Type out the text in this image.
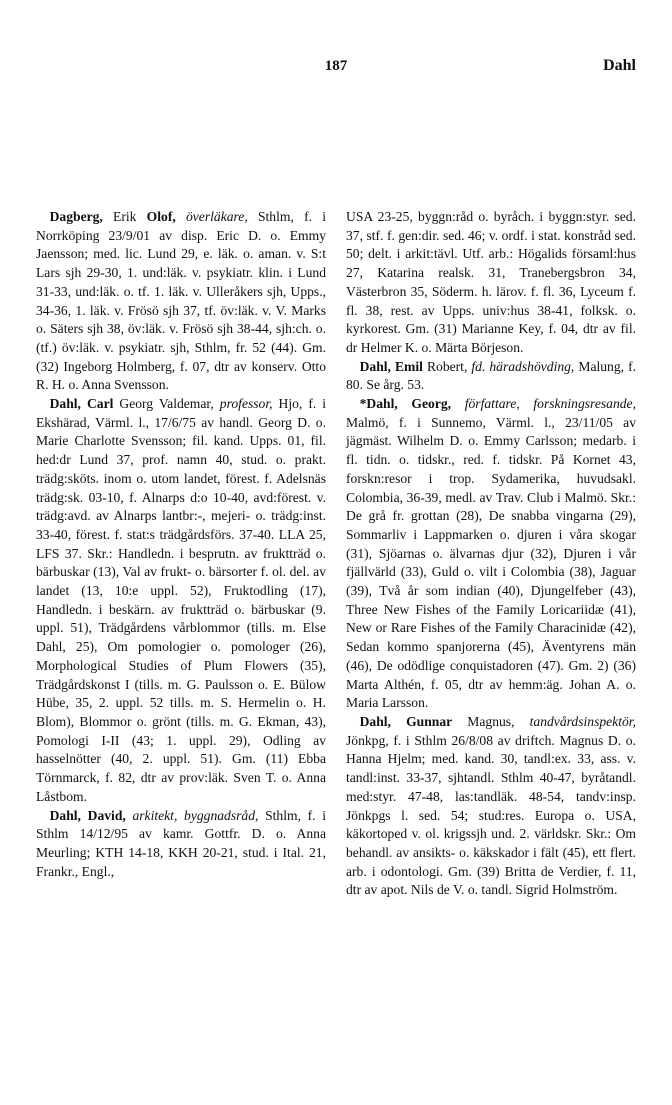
187	Dahl

Dagberg, Erik Olof, överläkare, Sthlm, f. i Norrköping 23/9/01 av disp. Eric D. o. Emmy Jaensson; med. lic. Lund 29, e. läk. o. aman. v. S:t Lars sjh 29-30, 1. und:läk. v. psykiatr. klin. i Lund 31-33, und:läk. o. tf. 1. läk. v. Ulleråkers sjh, Upps., 34-36, 1. läk. v. Frösö sjh 37, tf. öv:läk. v. V. Marks o. Säters sjh 38, öv:läk. v. Frösö sjh 38-44, sjh:ch. o. (tf.) öv:läk. v. psykiatr. sjh, Sthlm, fr. 52 (44). Gm. (32) Ingeborg Holmberg, f. 07, dtr av konserv. Otto R. H. o. Anna Svensson.

Dahl, Carl Georg Valdemar, professor, Hjo, f. i Ekshärad, Värml. l., 17/6/75 av handl. Georg D. o. Marie Charlotte Svensson; fil. kand. Upps. 01, fil. hed:dr Lund 37, prof. namn 40, stud. o. prakt. trädg:sköts. inom o. utom landet, förest. f. Adelsnäs trädg:sk. 03-10, f. Alnarps d:o 10-40, avd:förest. v. trädg:avd. av Alnarps lantbr:-, mejeri- o. trädg:inst. 33-40, förest. f. stat:s trädgårdsförs. 37-40. LLA 25, LFS 37. Skr.: Handledn. i besprutn. av fruktträd o. bärbuskar (13), Val av frukt- o. bärsorter f. ol. del. av landet (13, 10:e uppl. 52), Fruktodling (17), Handledn. i beskärn. av fruktträd o. bärbuskar (9. uppl. 51), Trädgårdens vårblommor (tills. m. Else Dahl, 25), Om pomologier o. pomologer (26), Morphological Studies of Plum Flowers (35), Trädgårdskonst I (tills. m. G. Paulsson o. E. Bülow Hübe, 35, 2. uppl. 52 tills. m. S. Hermelin o. H. Blom), Blommor o. grönt (tills. m. G. Ekman, 43), Pomologi I-II (43; 1. uppl. 29), Odling av hasselnötter (40, 2. uppl. 51). Gm. (11) Ebba Törnmarck, f. 82, dtr av prov:läk. Sven T. o. Anna Låstbom.

Dahl, David, arkitekt, byggnadsråd, Sthlm, f. i Sthlm 14/12/95 av kamr. Gottfr. D. o. Anna Meurling; KTH 14-18, KKH 20-21, stud. i Ital. 21, Frankr., Engl.,

USA 23-25, byggn:råd o. byråch. i byggn:styr. sed. 37, stf. f. gen:dir. sed. 46; v. ordf. i stat. konstråd sed. 50; delt. i arkit:tävl. Utf. arb.: Högalids församl:hus 27, Katarina realsk. 31, Tranebergsbron 34, Västerbron 35, Söderm. h. lärov. f. fl. 36, Lyceum f. fl. 38, rest. av Upps. univ:hus 38-41, folksk. o. kyrkorest. Gm. (31) Marianne Key, f. 04, dtr av fil. dr Helmer K. o. Märta Börjeson.

Dahl, Emil Robert, fd. häradshövding, Malung, f. 80. Se årg. 53.

*Dahl, Georg, författare, forskningsresande, Malmö, f. i Sunnemo, Värml. l., 23/11/05 av jägmäst. Wilhelm D. o. Emmy Carlsson; medarb. i fl. tidn. o. tidskr., red. f. tidskr. På Kornet 43, forskn:resor i trop. Sydamerika, huvudsakl. Colombia, 36-39, medl. av Trav. Club i Malmö. Skr.: De grå fr. grottan (28), De snabba vingarna (29), Sommarliv i Lappmarken o. djuren i våra skogar (31), Sjöarnas o. älvarnas djur (32), Djuren i vår fjällvärld (33), Guld o. vilt i Colombia (38), Jaguar (39), Två år som indian (40), Djungelfeber (43), Three New Fishes of the Family Loricariidæ (41), New or Rare Fishes of the Family Characinidæ (42), Sedan kommo spanjorerna (45), Äventyrens män (46), De odödlige conquistadoren (47). Gm. 2) (36) Marta Althén, f. 05, dtr av hemm:äg. Johan A. o. Maria Larsson.

Dahl, Gunnar Magnus, tandvårdsinspektör, Jönkpg, f. i Sthlm 26/8/08 av driftch. Magnus D. o. Hanna Hjelm; med. kand. 30, tandl:ex. 33, ass. v. tandl:inst. 33-37, sjhtandl. Sthlm 40-47, byråtandl. med:styr. 47-48, las:tandläk. 48-54, tandv:insp. Jönkpgs l. sed. 54; stud:res. Europa o. USA, käkortoped v. ol. krigssjh und. 2. världskr. Skr.: Om behandl. av ansikts- o. käkskador i fält (45), ett flert. arb. i odontologi. Gm. (39) Britta de Verdier, f. 11, dtr av apot. Nils de V. o. tandl. Sigrid Holmström.
